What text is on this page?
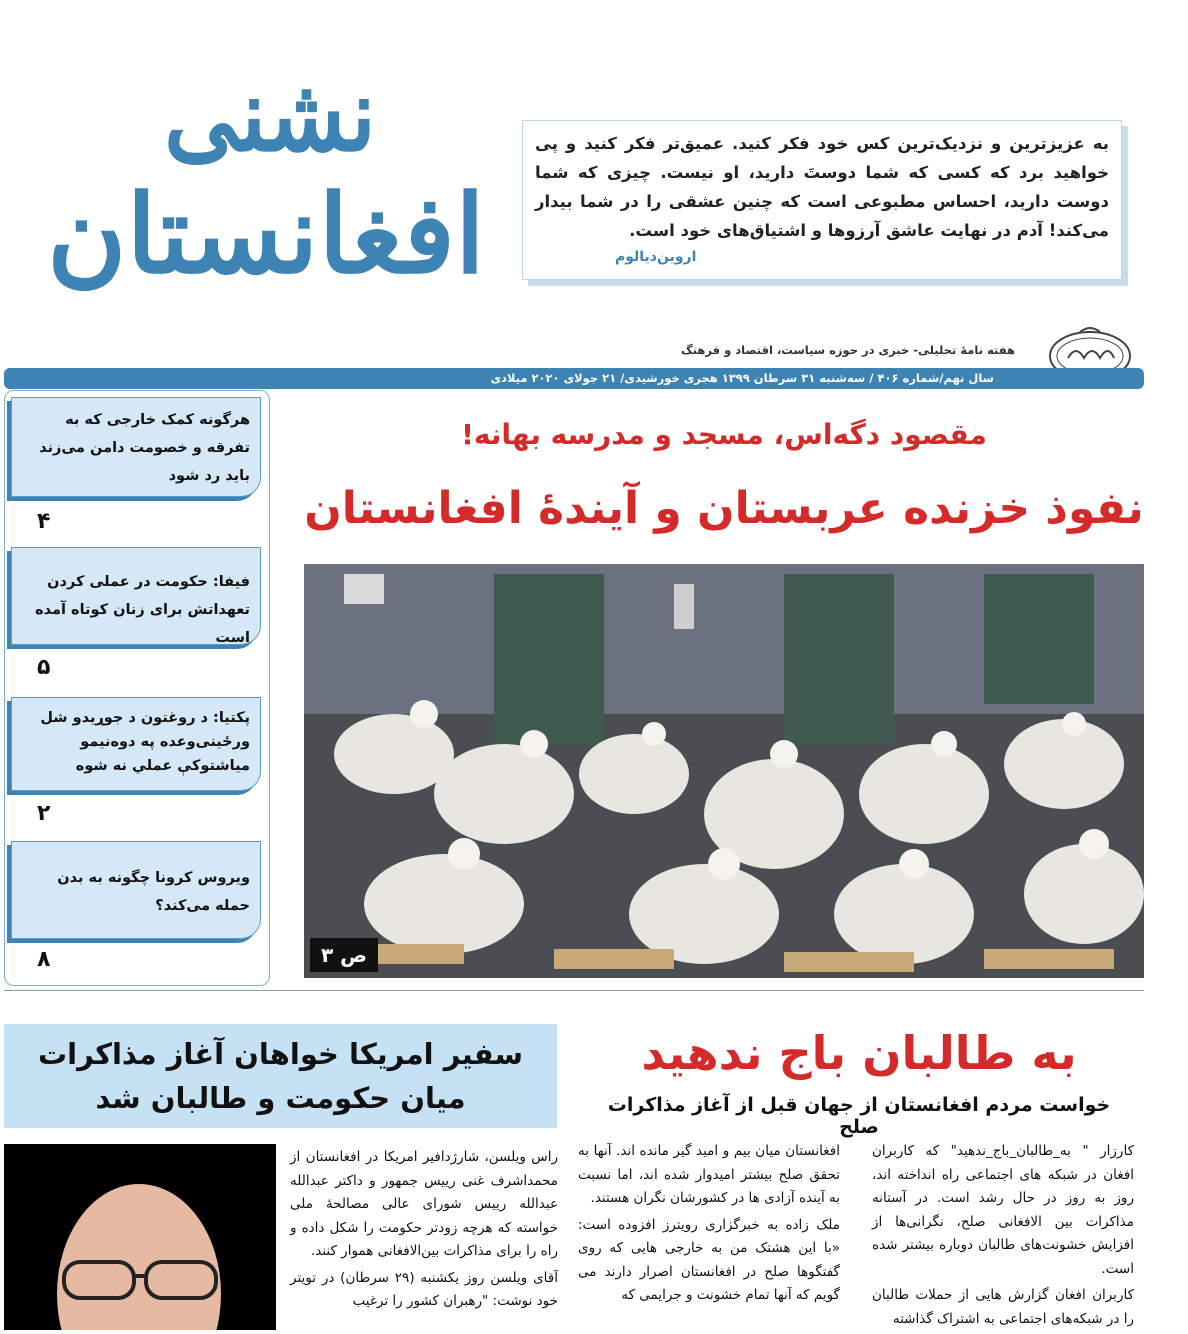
نشنی
افغانستان
به عزیزترین و نزدیک‌ترین کس خود فکر کنید. عمیق‌تر فکر کنید و پی خواهید برد که کسی که شما دوستَ دارید، او نیست. چیزی که شما دوست دارید، احساس مطبوعی است که چنین عشقی را در شما بیدار می‌کند! آدم در نهایت عاشق آرزوها و اشتیاق‌های خود است.
اروین‌دیالوم
هفته نامهٔ تحلیلی- خبری در حوزه سیاست، اقتصاد و فرهنگ
سال نهم/شماره ۴۰۶ / سه‌شنبه ۳۱ سرطان ۱۳۹۹ هجری خورشیدی/ ۲۱ جولای ۲۰۲۰ میلادی
هرگونه کمک خارجی که به تفرقه و خصومت دامن می‌زند باید رد شود
۴
فیفا: حکومت در عملی کردن تعهداتش برای زنان کوتاه آمده است
۵
پکتیا: د روغتون د جوړیدو شل ورځینی‌وعده په دوه‌نیمو میاشتوکې عملي نه شوه
۲
ویروس کرونا چگونه به بدن حمله می‌کند؟
۸
مقصود دگه‌اس، مسجد و مدرسه بهانه!
نفوذ خزنده عربستان و آیندهٔ افغانستان
ص ۳
سفیر امریکا خواهان آغاز مذاکرات میان حکومت و طالبان شد

راس ویلسن، شارژدافیر امریکا در افغانستان از محمداشرف غنی رییس جمهور و داکتر عبدالله عبدالله رییس شورای عالی مصالحهٔ ملی خواسته که هرچه زودتر حکومت را شکل داده و راه را برای مذاکرات بین‌الافغانی هموار کنند.

آقای ویلسن روز یکشنبه (۲۹ سرطان) در تویتر خود نوشت: "رهبران کشور را ترغیب

به طالبان باج ندهید
خواست مردم افغانستان از جهان قبل از آغاز مذاکرات صلح

کارزار " به_طالبان_باج_ندهید" که کاربران افغان در شبکه های اجتماعی راه انداخته اند، روز به روز در حال رشد است. در آستانه مذاکرات بین الافغانی صلح، نگرانی‌ها از افزایش خشونت‌های طالبان دوباره بیشتر شده است.

کاربران افغان گزارش هایی از حملات طالبان را در شبکه‌های اجتماعی به اشتراک گذاشته

افغانستان میان بیم و امید گیر مانده اند. آنها به تحقق صلح بیشتر امیدوار شده اند، اما نسبت به آینده آزادی ها در کشورشان نگران هستند.

ملک زاده به خبرگزاری رویترز افزوده است: «با این هشتک من به خارجی هایی که روی گفتگوها صلح در افغانستان اصرار دارند می گویم که آنها تمام خشونت و جرایمی که
